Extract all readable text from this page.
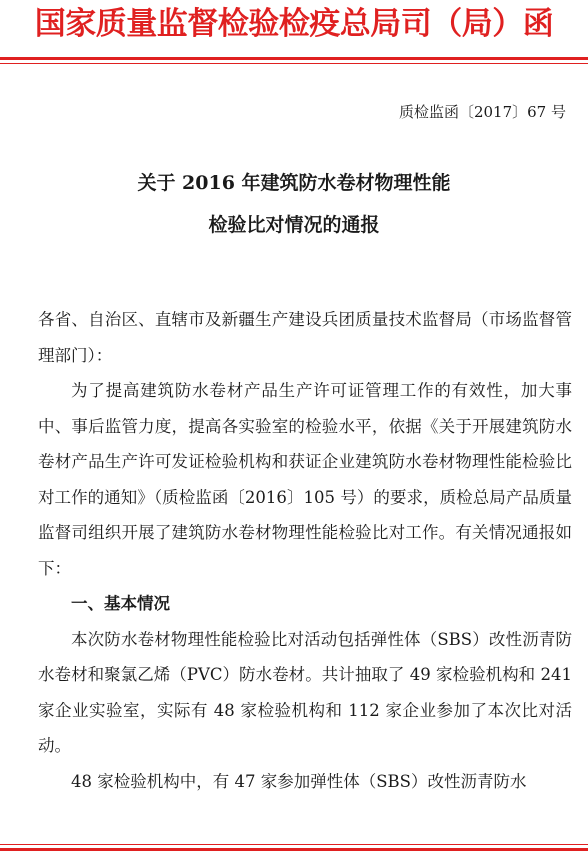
国家质量监督检验检疫总局司（局）函
质检监函〔2017〕67 号
关于 2016 年建筑防水卷材物理性能
检验比对情况的通报

各省、自治区、直辖市及新疆生产建设兵团质量技术监督局（市场监督管理部门）：

为了提高建筑防水卷材产品生产许可证管理工作的有效性，加大事中、事后监管力度，提高各实验室的检验水平，依据《关于开展建筑防水卷材产品生产许可发证检验机构和获证企业建筑防水卷材物理性能检验比对工作的通知》（质检监函〔2016〕105 号）的要求，质检总局产品质量监督司组织开展了建筑防水卷材物理性能检验比对工作。有关情况通报如下：

一、基本情况

本次防水卷材物理性能检验比对活动包括弹性体（SBS）改性沥青防水卷材和聚氯乙烯（PVC）防水卷材。共计抽取了 49 家检验机构和 241 家企业实验室，实际有 48 家检验机构和 112 家企业参加了本次比对活动。

48 家检验机构中，有 47 家参加弹性体（SBS）改性沥青防水
